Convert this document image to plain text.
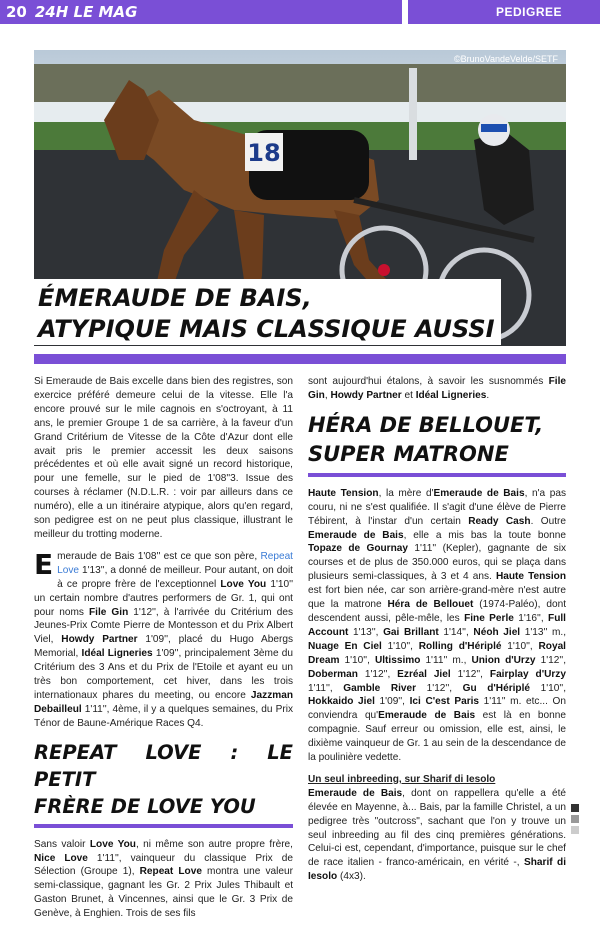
20 24H LE MAG	PEDIGREE
18
©BrunoVandeVelde/SETF
ÉMERAUDE DE BAIS,
ATYPIQUE MAIS CLASSIQUE AUSSI

Si Emeraude de Bais excelle dans bien des registres, son exercice préféré demeure celui de la vitesse. Elle l'a encore prouvé sur le mile cagnois en s'octroyant, à 11 ans, le premier Groupe 1 de sa carrière, à la faveur d'un Grand Critérium de Vitesse de la Côte d'Azur dont elle avait pris le premier accessit les deux saisons précédentes et où elle avait signé un record historique, pour une femelle, sur le pied de 1'08''3. Issue des courses à réclamer (N.D.L.R. : voir par ailleurs dans ce numéro), elle a un itinéraire atypique, alors qu'en regard, son pedigree est on ne peut plus classique, illustrant le meilleur du trotting moderne.

Emeraude de Bais 1'08'' est ce que son père, Repeat Love 1'13'', a donné de meilleur. Pour autant, on doit à ce propre frère de l'exceptionnel Love You 1'10'' un certain nombre d'autres performers de Gr. 1, qui ont pour noms File Gin 1'12'', à l'arrivée du Critérium des Jeunes-Prix Comte Pierre de Montesson et du Prix Albert Viel, Howdy Partner 1'09'', placé du Hugo Abergs Memorial, Idéal Ligneries 1'09'', principalement 3ème du Critérium des 3 Ans et du Prix de l'Etoile et ayant eu un très bon comportement, cet hiver, dans les trois internationaux phares du meeting, ou encore Jazzman Debailleul 1'11'', 4ème, il y a quelques semaines, du Prix Ténor de Baune-Amérique Races Q4.

REPEAT LOVE : LE PETIT
FRÈRE DE LOVE YOU

Sans valoir Love You, ni même son autre propre frère, Nice Love 1'11'', vainqueur du classique Prix de Sélection (Groupe 1), Repeat Love montra une valeur semi-classique, gagnant les Gr. 2 Prix Jules Thibault et Gaston Brunet, à Vincennes, ainsi que le Gr. 3 Prix de Genève, à Enghien. Trois de ses fils

sont aujourd'hui étalons, à savoir les susnommés File Gin, Howdy Partner et Idéal Ligneries.

HÉRA DE BELLOUET,
SUPER MATRONE

Haute Tension, la mère d'Emeraude de Bais, n'a pas couru, ni ne s'est qualifiée. Il s'agit d'une élève de Pierre Tébirent, à l'instar d'un certain Ready Cash. Outre Emeraude de Bais, elle a mis bas la toute bonne Topaze de Gournay 1'11'' (Kepler), gagnante de six courses et de plus de 350.000 euros, qui se plaça dans plusieurs semi-classiques, à 3 et 4 ans. Haute Tension est fort bien née, car son arrière-grand-mère n'est autre que la matrone Héra de Bellouet (1974-Paléo), dont descendent aussi, pêle-mêle, les Fine Perle 1'16'', Full Account 1'13'', Gai Brillant 1'14'', Néoh Jiel 1'13'' m., Nuage En Ciel 1'10'', Rolling d'Hériplé 1'10'', Royal Dream 1'10'', Ultissimo 1'11'' m., Union d'Urzy 1'12'', Doberman 1'12'', Ezréal Jiel 1'12'', Fairplay d'Urzy 1'11'', Gamble River 1'12'', Gu d'Hériplé 1'10'', Hokkaido Jiel 1'09'', Ici C'est Paris 1'11'' m. etc... On conviendra qu'Emeraude de Bais est là en bonne compagnie. Sauf erreur ou omission, elle est, ainsi, le dixième vainqueur de Gr. 1 au sein de la descendance de la poulinière vedette.

Un seul inbreeding, sur Sharif di Iesolo
Emeraude de Bais, dont on rappellera qu'elle a été élevée en Mayenne, à... Bais, par la famille Christel, a un pedigree très "outcross", sachant que l'on y trouve un seul inbreeding au fil des cinq premières générations. Celui-ci est, cependant, d'importance, puisque sur le chef de race italien - franco-américain, en vérité -, Sharif di Iesolo (4x3).
